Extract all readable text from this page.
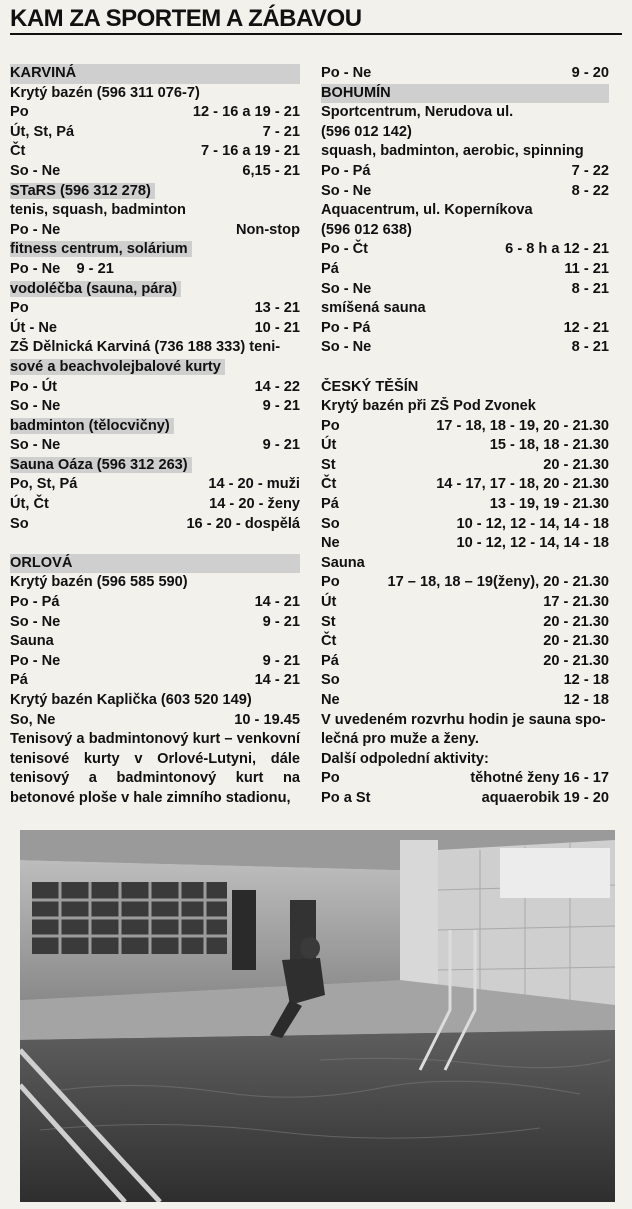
KAM ZA SPORTEM A ZÁBAVOU
KARVINÁ
Krytý bazén (596 311 076-7)
Po	12 - 16 a 19 - 21
Út, St, Pá	7 - 21
Čt	7 - 16 a 19 - 21
So - Ne	6,15 - 21
STaRS (596 312 278)
tenis, squash, badminton
Po - Ne	Non-stop
fitness centrum, solárium
Po - Ne    9 - 21
vodoléčba (sauna, pára)
Po	13 - 21
Út - Ne	10 - 21
ZŠ Dělnická Karviná (736 188 333) teni-
sové a beachvolejbalové kurty
Po - Út	14 - 22
So - Ne	9 - 21
badminton (tělocvičny)
So - Ne	9 - 21
Sauna Oáza (596 312 263)
Po, St, Pá	14 - 20 - muži
Út, Čt	14 - 20 - ženy
So	16 - 20 - dospělá
ORLOVÁ
Krytý bazén (596 585 590)
Po - Pá	14 - 21
So - Ne	9 - 21
Sauna
Po - Ne	9 - 21
Pá	14 - 21
Krytý bazén Kaplička (603 520 149)
So, Ne	10 - 19.45
Tenisový a badmintonový kurt – venkovní tenisové kurty v Orlové-Lutyni, dále tenisový a badmintonový kurt na betonové ploše v hale zimního stadionu,
Po - Ne	9 - 20
BOHUMÍN
Sportcentrum, Nerudova ul.
(596 012 142)
squash, badminton, aerobic, spinning
Po - Pá	7 - 22
So - Ne	8 - 22
Aquacentrum, ul. Koperníkova
(596 012 638)
Po - Čt	6 - 8 h a 12 - 21
Pá	11 - 21
So - Ne	8 - 21
smíšená sauna
Po - Pá	12 - 21
So - Ne	8 - 21
ČESKÝ TĚŠÍN
Krytý bazén při ZŠ Pod Zvonek
Po	17 - 18, 18 - 19, 20 - 21.30
Út	15 - 18, 18 - 21.30
St	20 - 21.30
Čt	14 - 17, 17 - 18, 20 - 21.30
Pá	13 - 19, 19 - 21.30
So	10 - 12, 12 - 14, 14 - 18
Ne	10 - 12, 12 - 14, 14 - 18
Sauna
Po	17 – 18, 18 – 19(ženy), 20 - 21.30
Út	17 - 21.30
St	20 - 21.30
Čt	20 - 21.30
Pá	20 - 21.30
So	12 - 18
Ne	12 - 18
V uvedeném rozvrhu hodin je sauna spo-
lečná pro muže a ženy.
Další odpolední aktivity:
Po	těhotné ženy 16 - 17
Po a St	aquaerobik 19 - 20
